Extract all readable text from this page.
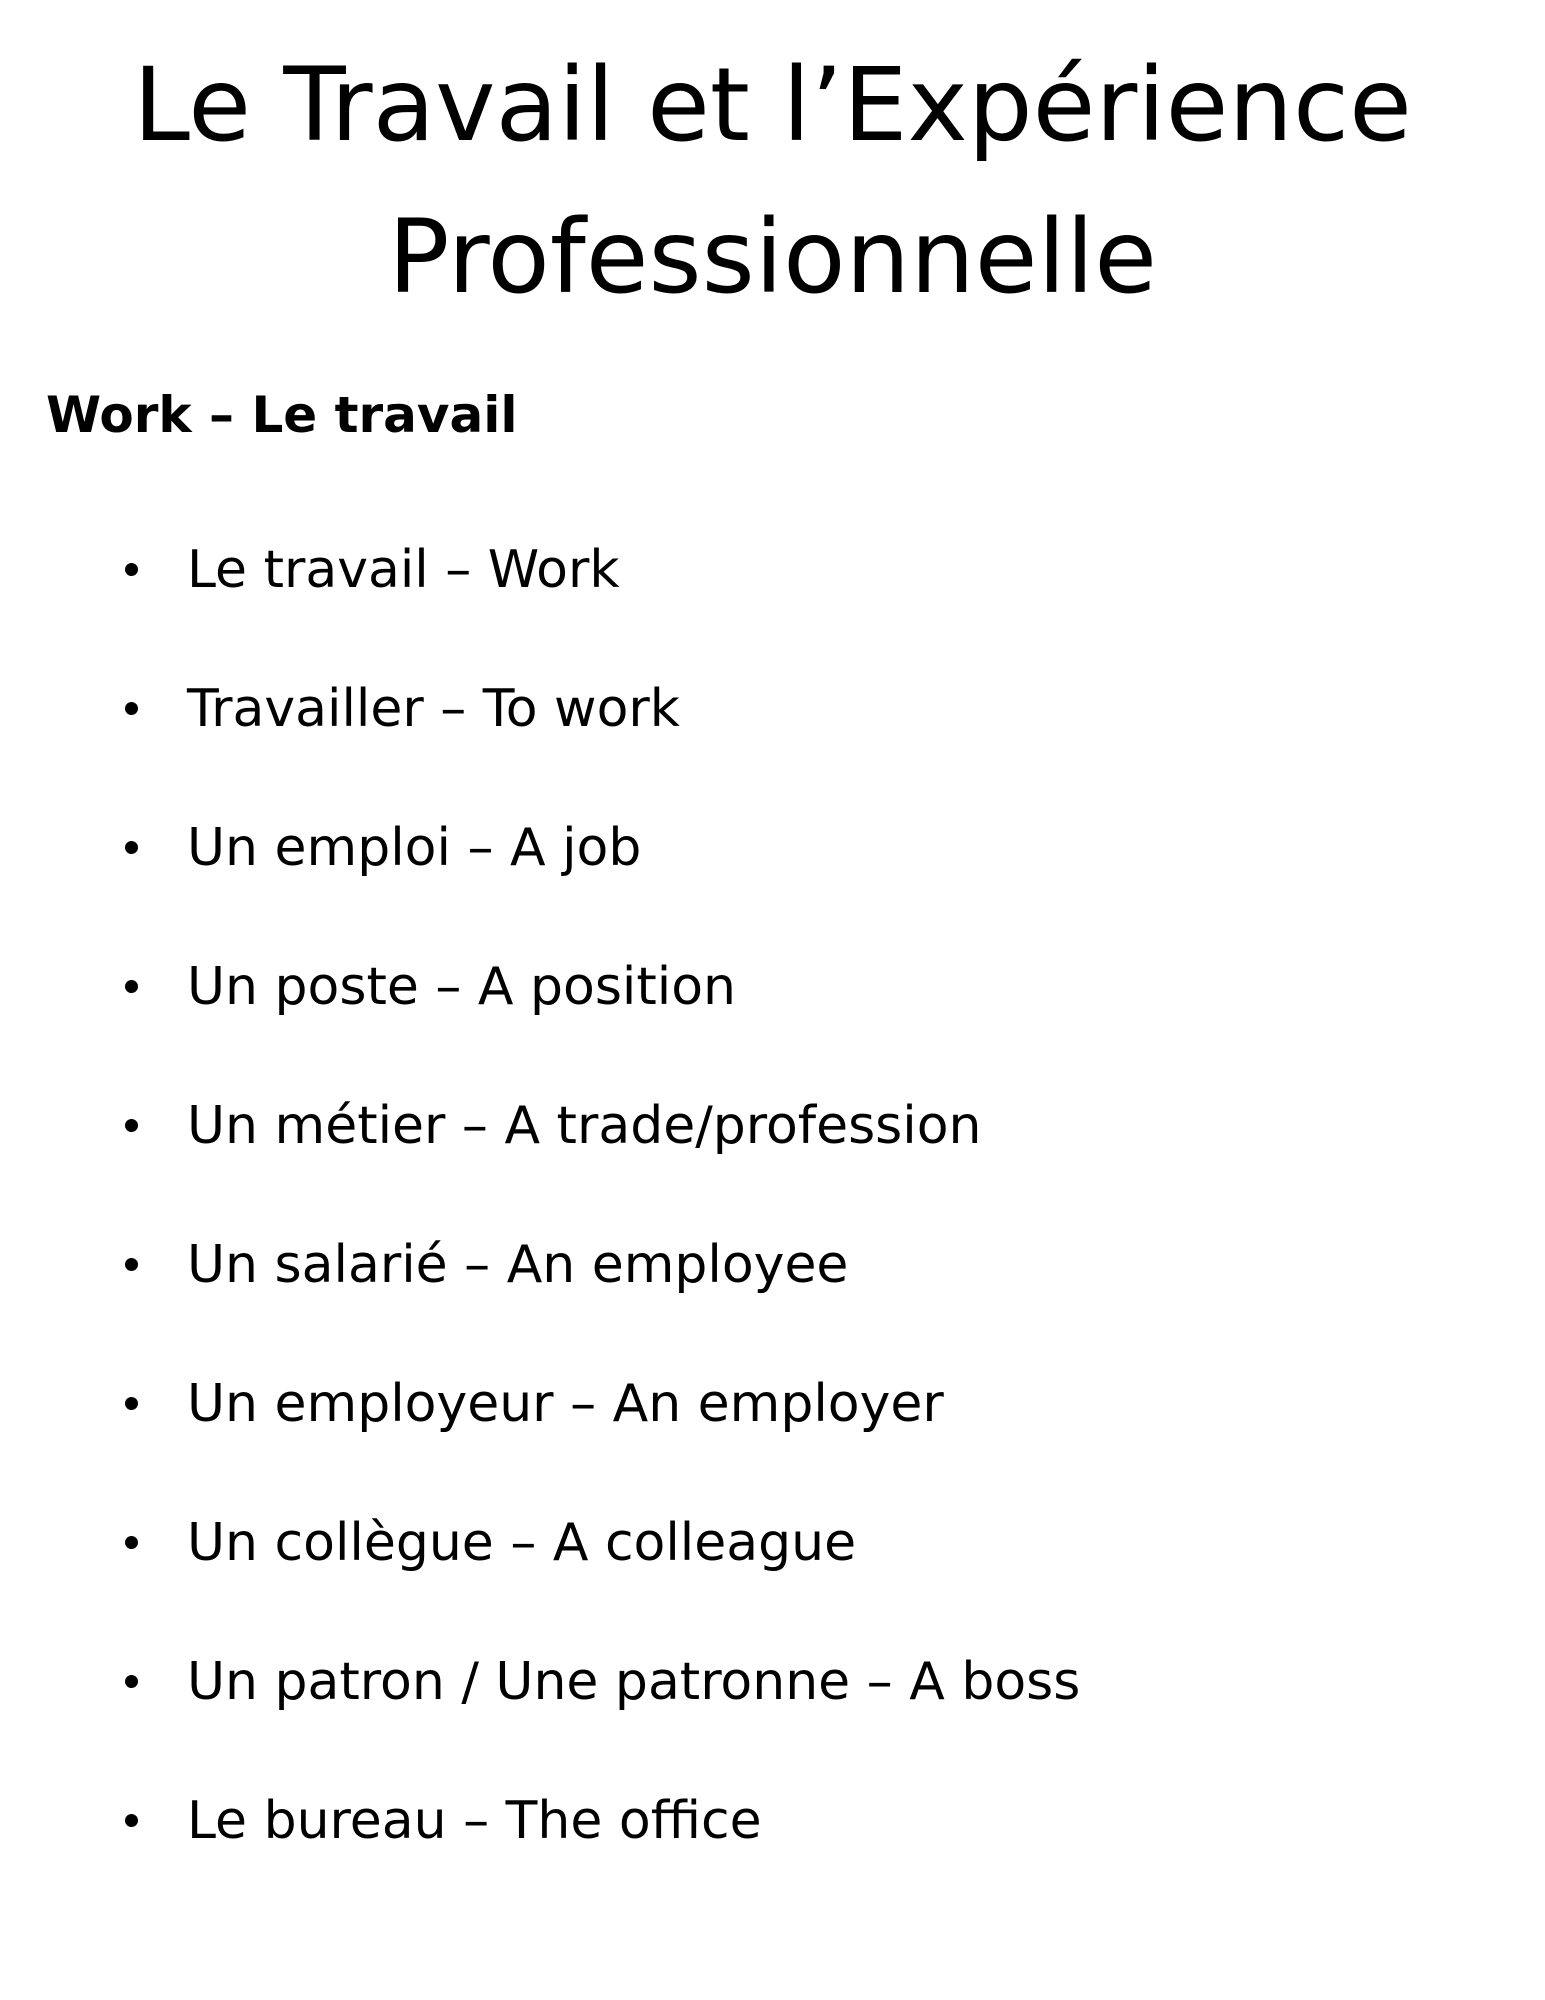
Le Travail et l’Expérience
Professionnelle
Work – Le travail
Le travail – Work
Travailler – To work
Un emploi – A job
Un poste – A position
Un métier – A trade/profession
Un salarié – An employee
Un employeur – An employer
Un collègue – A colleague
Un patron / Une patronne – A boss
Le bureau – The office
